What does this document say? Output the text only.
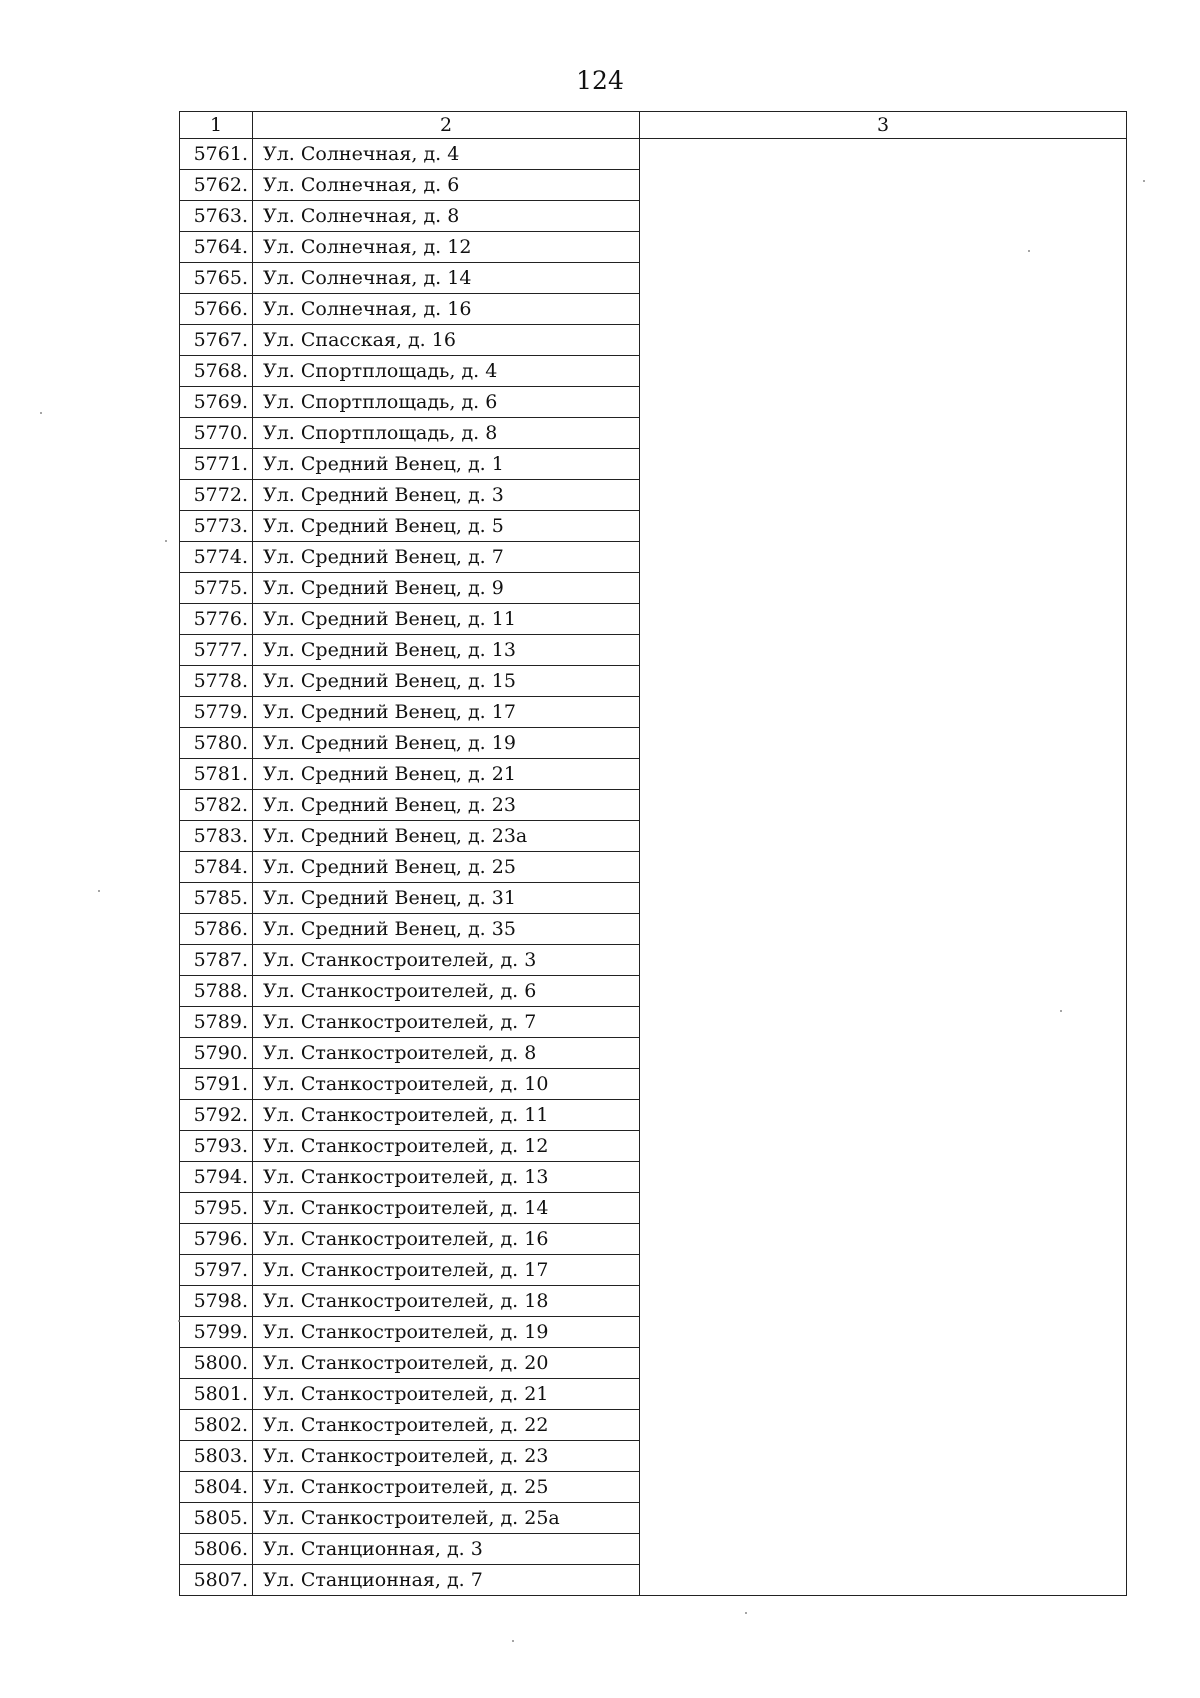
124
1	2	3
5761.	Ул. Солнечная, д. 4	
5762.	Ул. Солнечная, д. 6	
5763.	Ул. Солнечная, д. 8	
5764.	Ул. Солнечная, д. 12	
5765.	Ул. Солнечная, д. 14	
5766.	Ул. Солнечная, д. 16	
5767.	Ул. Спасская, д. 16	
5768.	Ул. Спортплощадь, д. 4	
5769.	Ул. Спортплощадь, д. 6	
5770.	Ул. Спортплощадь, д. 8	
5771.	Ул. Средний Венец, д. 1	
5772.	Ул. Средний Венец, д. 3	
5773.	Ул. Средний Венец, д. 5	
5774.	Ул. Средний Венец, д. 7	
5775.	Ул. Средний Венец, д. 9	
5776.	Ул. Средний Венец, д. 11	
5777.	Ул. Средний Венец, д. 13	
5778.	Ул. Средний Венец, д. 15	
5779.	Ул. Средний Венец, д. 17	
5780.	Ул. Средний Венец, д. 19	
5781.	Ул. Средний Венец, д. 21	
5782.	Ул. Средний Венец, д. 23	
5783.	Ул. Средний Венец, д. 23а	
5784.	Ул. Средний Венец, д. 25	
5785.	Ул. Средний Венец, д. 31	
5786.	Ул. Средний Венец, д. 35	
5787.	Ул. Станкостроителей, д. 3	
5788.	Ул. Станкостроителей, д. 6	
5789.	Ул. Станкостроителей, д. 7	
5790.	Ул. Станкостроителей, д. 8	
5791.	Ул. Станкостроителей, д. 10	
5792.	Ул. Станкостроителей, д. 11	
5793.	Ул. Станкостроителей, д. 12	
5794.	Ул. Станкостроителей, д. 13	
5795.	Ул. Станкостроителей, д. 14	
5796.	Ул. Станкостроителей, д. 16	
5797.	Ул. Станкостроителей, д. 17	
5798.	Ул. Станкостроителей, д. 18	
5799.	Ул. Станкостроителей, д. 19	
5800.	Ул. Станкостроителей, д. 20	
5801.	Ул. Станкостроителей, д. 21	
5802.	Ул. Станкостроителей, д. 22	
5803.	Ул. Станкостроителей, д. 23	
5804.	Ул. Станкостроителей, д. 25	
5805.	Ул. Станкостроителей, д. 25а	
5806.	Ул. Станционная, д. 3	
5807.	Ул. Станционная, д. 7	
